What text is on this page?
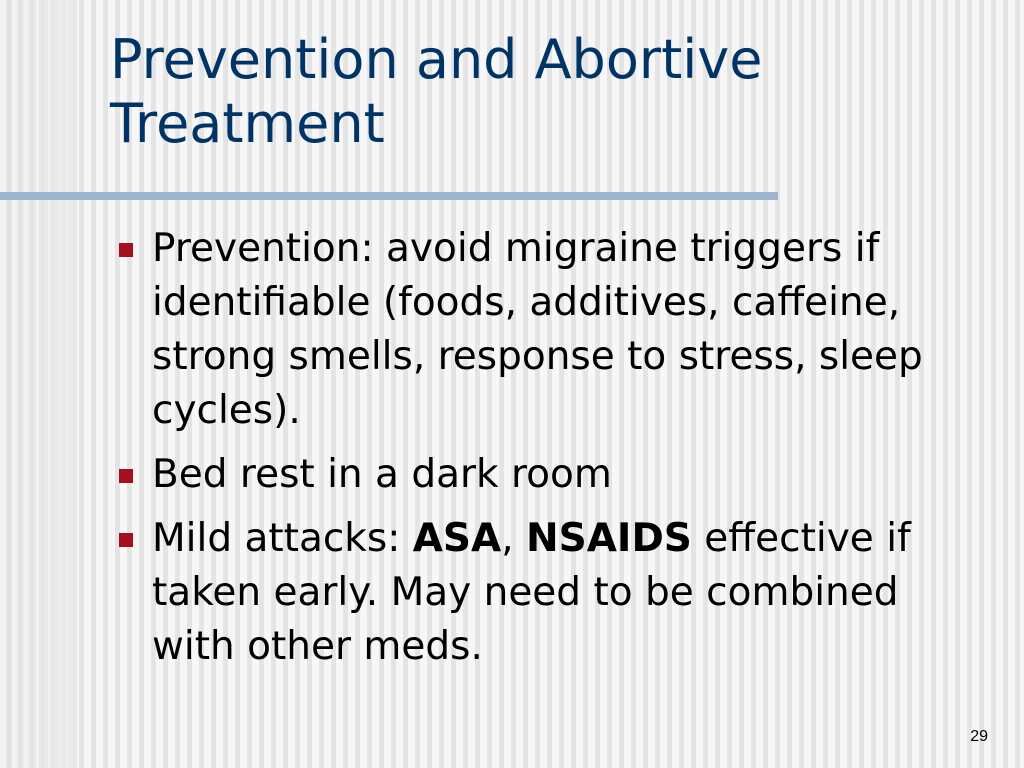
Prevention and Abortive Treatment
Prevention: avoid migraine triggers if identifiable (foods, additives, caffeine, strong smells, response to stress, sleep cycles).
Bed rest in a dark room
Mild attacks: ASA, NSAIDS effective if taken early. May need to be combined with other meds.
29
